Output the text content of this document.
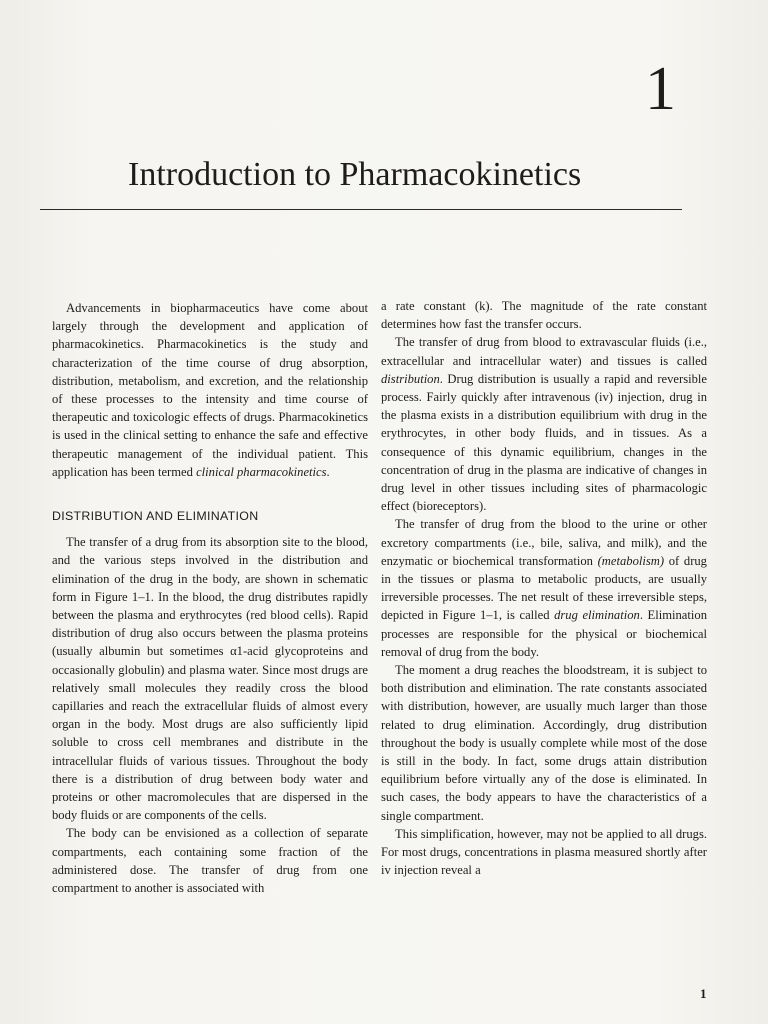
1
Introduction to Pharmacokinetics

Advancements in biopharmaceutics have come about largely through the development and application of pharmacokinetics. Pharmacokinetics is the study and characterization of the time course of drug absorption, distribution, metabolism, and excretion, and the relationship of these processes to the intensity and time course of therapeutic and toxicologic effects of drugs. Pharmacokinetics is used in the clinical setting to enhance the safe and effective therapeutic management of the individual patient. This application has been termed clinical pharmacokinetics.

DISTRIBUTION AND ELIMINATION

The transfer of a drug from its absorption site to the blood, and the various steps involved in the distribution and elimination of the drug in the body, are shown in schematic form in Figure 1–1. In the blood, the drug distributes rapidly between the plasma and erythrocytes (red blood cells). Rapid distribution of drug also occurs between the plasma proteins (usually albumin but sometimes α1-acid glycoproteins and occasionally globulin) and plasma water. Since most drugs are relatively small molecules they readily cross the blood capillaries and reach the extracellular fluids of almost every organ in the body. Most drugs are also sufficiently lipid soluble to cross cell membranes and distribute in the intracellular fluids of various tissues. Throughout the body there is a distribution of drug between body water and proteins or other macromolecules that are dispersed in the body fluids or are components of the cells.

The body can be envisioned as a collection of separate compartments, each containing some fraction of the administered dose. The transfer of drug from one compartment to another is associated with

a rate constant (k). The magnitude of the rate constant determines how fast the transfer occurs.

The transfer of drug from blood to extravascular fluids (i.e., extracellular and intracellular water) and tissues is called distribution. Drug distribution is usually a rapid and reversible process. Fairly quickly after intravenous (iv) injection, drug in the plasma exists in a distribution equilibrium with drug in the erythrocytes, in other body fluids, and in tissues. As a consequence of this dynamic equilibrium, changes in the concentration of drug in the plasma are indicative of changes in drug level in other tissues including sites of pharmacologic effect (bioreceptors).

The transfer of drug from the blood to the urine or other excretory compartments (i.e., bile, saliva, and milk), and the enzymatic or biochemical transformation (metabolism) of drug in the tissues or plasma to metabolic products, are usually irreversible processes. The net result of these irreversible steps, depicted in Figure 1–1, is called drug elimination. Elimination processes are responsible for the physical or biochemical removal of drug from the body.

The moment a drug reaches the bloodstream, it is subject to both distribution and elimination. The rate constants associated with distribution, however, are usually much larger than those related to drug elimination. Accordingly, drug distribution throughout the body is usually complete while most of the dose is still in the body. In fact, some drugs attain distribution equilibrium before virtually any of the dose is eliminated. In such cases, the body appears to have the characteristics of a single compartment.

This simplification, however, may not be applied to all drugs. For most drugs, concentrations in plasma measured shortly after iv injection reveal a

1
